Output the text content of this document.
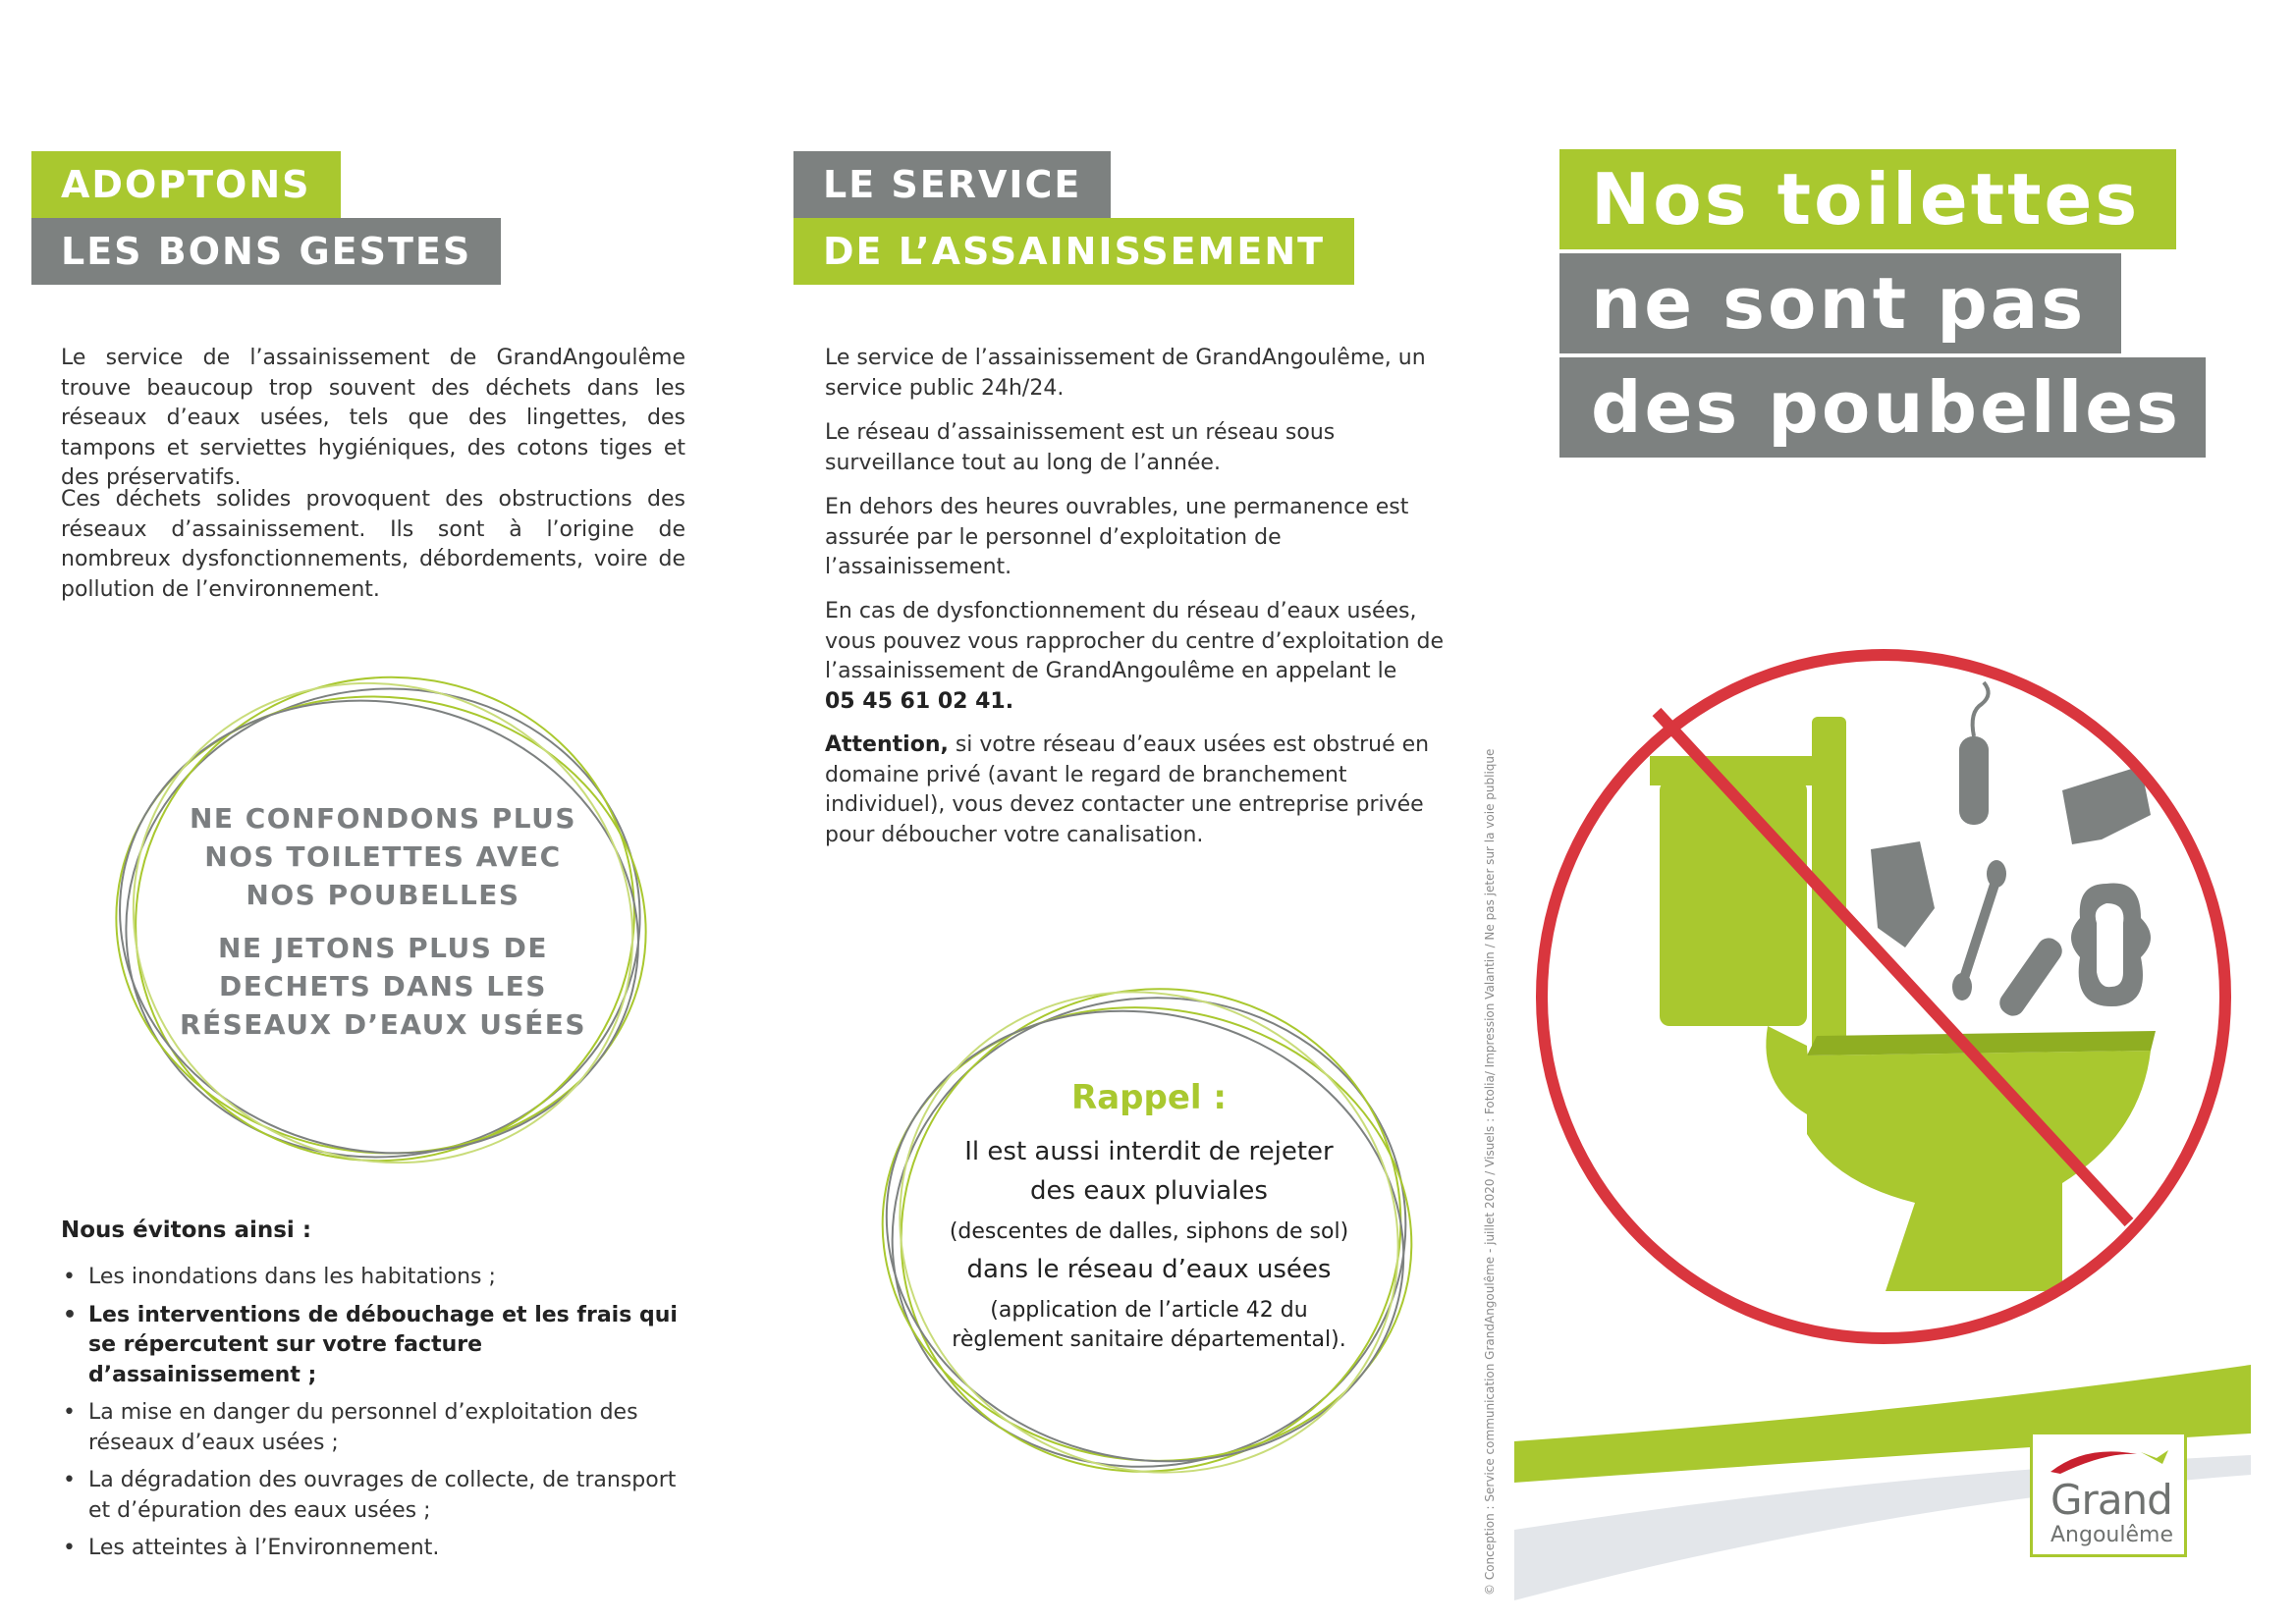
ADOPTONS
LES BONS GESTES

Le service de l’assainissement de GrandAngoulême trouve beaucoup trop souvent des déchets dans les réseaux d’eaux usées, tels que des lingettes, des tampons et serviettes hygiéniques, des cotons tiges et des préservatifs.

Ces déchets solides provoquent des obstructions des réseaux d’assainissement. Ils sont à l’origine de nombreux dysfonctionnements, débordements, voire de pollution de l’environnement.

NE CONFONDONS PLUS NOS TOILETTES AVEC NOS POUBELLES
NE JETONS PLUS DE DECHETS DANS LES RÉSEAUX D’EAUX USÉES
Nous évitons ainsi :
• Les inondations dans les habitations ;
• Les interventions de débouchage et les frais qui se répercutent sur votre facture d’assainissement ;
• La mise en danger du personnel d’exploitation des réseaux d’eaux usées ;
• La dégradation des ouvrages de collecte, de transport et d’épuration des eaux usées ;
• Les atteintes à l’Environnement.
LE SERVICE
DE L’ASSAINISSEMENT

Le service de l’assainissement de GrandAngoulême, un service public 24h/24.

Le réseau d’assainissement est un réseau sous surveillance tout au long de l’année.

En dehors des heures ouvrables, une permanence est assurée par le personnel d’exploitation de l’assainissement.

En cas de dysfonctionnement du réseau d’eaux usées, vous pouvez vous rapprocher du centre d’exploitation de l’assainissement de GrandAngoulême en appelant le

05 45 61 02 41.

Attention, si votre réseau d’eaux usées est obstrué en domaine privé (avant le regard de branchement individuel), vous devez contacter une entreprise privée pour déboucher votre canalisation.

Rappel :
Il est aussi interdit de rejeter
des eaux pluviales
(descentes de dalles, siphons de sol)
dans le réseau d’eaux usées
(application de l’article 42 du
règlement sanitaire départemental).
Nos toilettes
ne sont pas
des poubelles
© Conception : Service communication GrandAngoulême - juillet 2020 / Visuels : Fotolia/ Impression Valantin / Ne pas jeter sur la voie publique	Grand
Angoulême
